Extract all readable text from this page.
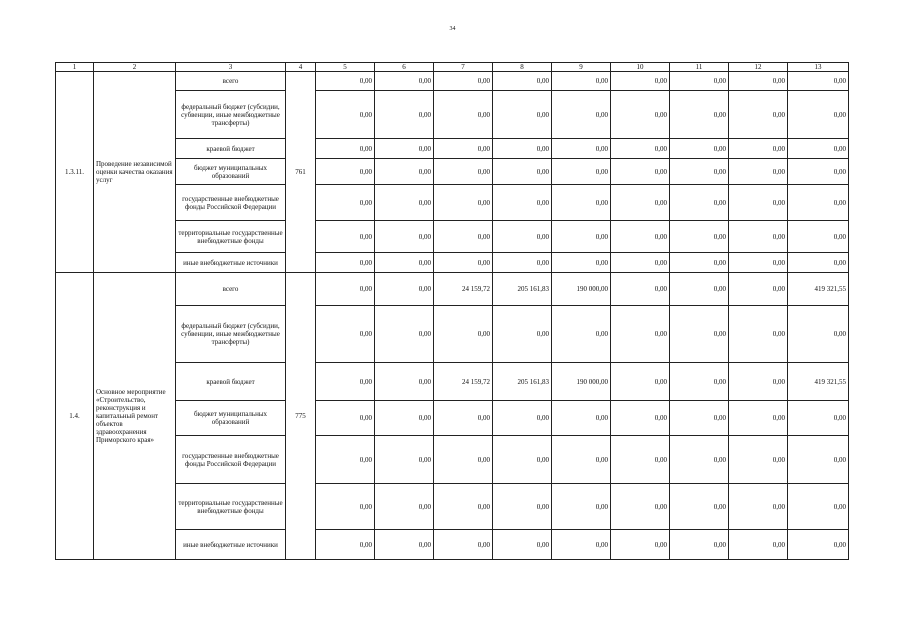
34
1	2	3	4	5	6	7	8	9	10	11	12	13
1.3.11.	Проведение независимой оценки качества оказания услуг	всего	761	0,00	0,00	0,00	0,00	0,00	0,00	0,00	0,00	0,00
		федеральный бюджет (субсидии, субвенции, иные межбюджетные трансферты)		0,00	0,00	0,00	0,00	0,00	0,00	0,00	0,00	0,00
		краевой бюджет		0,00	0,00	0,00	0,00	0,00	0,00	0,00	0,00	0,00
		бюджет муниципальных образований		0,00	0,00	0,00	0,00	0,00	0,00	0,00	0,00	0,00
		государственные внебюджетные фонды Российской Федерации		0,00	0,00	0,00	0,00	0,00	0,00	0,00	0,00	0,00
		территориальные государственные внебюджетные фонды		0,00	0,00	0,00	0,00	0,00	0,00	0,00	0,00	0,00
		иные внебюджетные источники		0,00	0,00	0,00	0,00	0,00	0,00	0,00	0,00	0,00
1.4.	Основное мероприятие «Строительство, реконструкция и капитальный ремонт объектов здравоохранения Приморского края»	всего	775	0,00	0,00	24 159,72	205 161,83	190 000,00	0,00	0,00	0,00	419 321,55
		федеральный бюджет (субсидии, субвенции, иные межбюджетные трансферты)		0,00	0,00	0,00	0,00	0,00	0,00	0,00	0,00	0,00
		краевой бюджет		0,00	0,00	24 159,72	205 161,83	190 000,00	0,00	0,00	0,00	419 321,55
		бюджет муниципальных образований		0,00	0,00	0,00	0,00	0,00	0,00	0,00	0,00	0,00
		государственные внебюджетные фонды Российской Федерации		0,00	0,00	0,00	0,00	0,00	0,00	0,00	0,00	0,00
		территориальные государственные внебюджетные фонды		0,00	0,00	0,00	0,00	0,00	0,00	0,00	0,00	0,00
		иные внебюджетные источники		0,00	0,00	0,00	0,00	0,00	0,00	0,00	0,00	0,00
